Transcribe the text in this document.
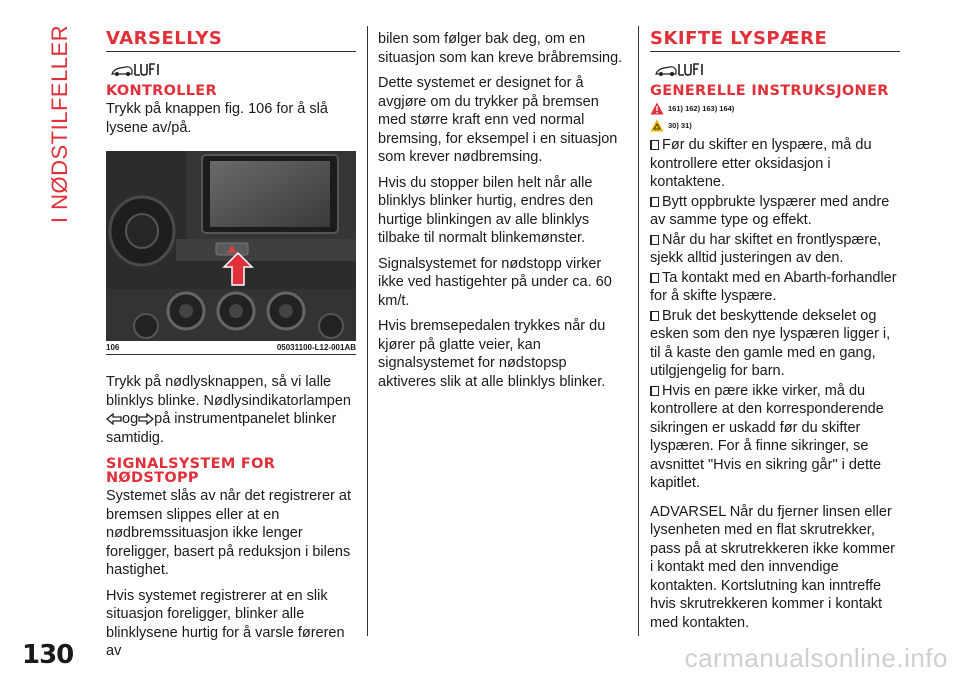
I NØDSTILFELLER VARSELLYS
KONTROLLER

Trykk på knappen fig. 106 for å slå lysene av/på.

106	05031100-L12-001AB

Trykk på nødlysknappen, så vi lalle blinklys blinke. Nødlysindikatorlampen
og på instrumentpanelet blinker samtidig.

SIGNALSYSTEM FOR NØDSTOPP

Systemet slås av når det registrerer at bremsen slippes eller at en nødbremssituasjon ikke lenger foreligger, basert på reduksjon i bilens hastighet.

Hvis systemet registrerer at en slik situasjon foreligger, blinker alle blinklysene hurtig for å varsle føreren av

bilen som følger bak deg, om en situasjon som kan kreve bråbremsing.

Dette systemet er designet for å avgjøre om du trykker på bremsen med større kraft enn ved normal bremsing, for eksempel i en situasjon som krever nødbremsing.

Hvis du stopper bilen helt når alle blinklys blinker hurtig, endres den hurtige blinkingen av alle blinklys tilbake til normalt blinkemønster.

Signalsystemet for nødstopp virker ikke ved hastigehter på under ca. 60 km/t.

Hvis bremsepedalen trykkes når du kjører på glatte veier, kan signalsystemet for nødstopsp aktiveres slik at alle blinklys blinker.

SKIFTE LYSPÆRE
GENERELLE INSTRUKSJONER
161) 162) 163) 164)
30) 31)

Før du skifter en lyspære, må du kontrollere etter oksidasjon i kontaktene.

Bytt oppbrukte lyspærer med andre av samme type og effekt.

Når du har skiftet en frontlyspære, sjekk alltid justeringen av den.

Ta kontakt med en Abarth-forhandler for å skifte lyspære.

Bruk det beskyttende dekselet og esken som den nye lyspæren ligger i, til å kaste den gamle med en gang, utilgjengelig for barn.

Hvis en pære ikke virker, må du kontrollere at den korresponderende sikringen er uskadd før du skifter lyspæren. For å finne sikringer, se avsnittet "Hvis en sikring går" i dette kapitlet.

ADVARSEL Når du fjerner linsen eller lysenheten med en flat skrutrekker, pass på at skrutrekkeren ikke kommer i kontakt med den innvendige kontakten. Kortslutning kan inntreffe hvis skrutrekkeren kommer i kontakt med kontakten.

130	carmanualsonline.info
